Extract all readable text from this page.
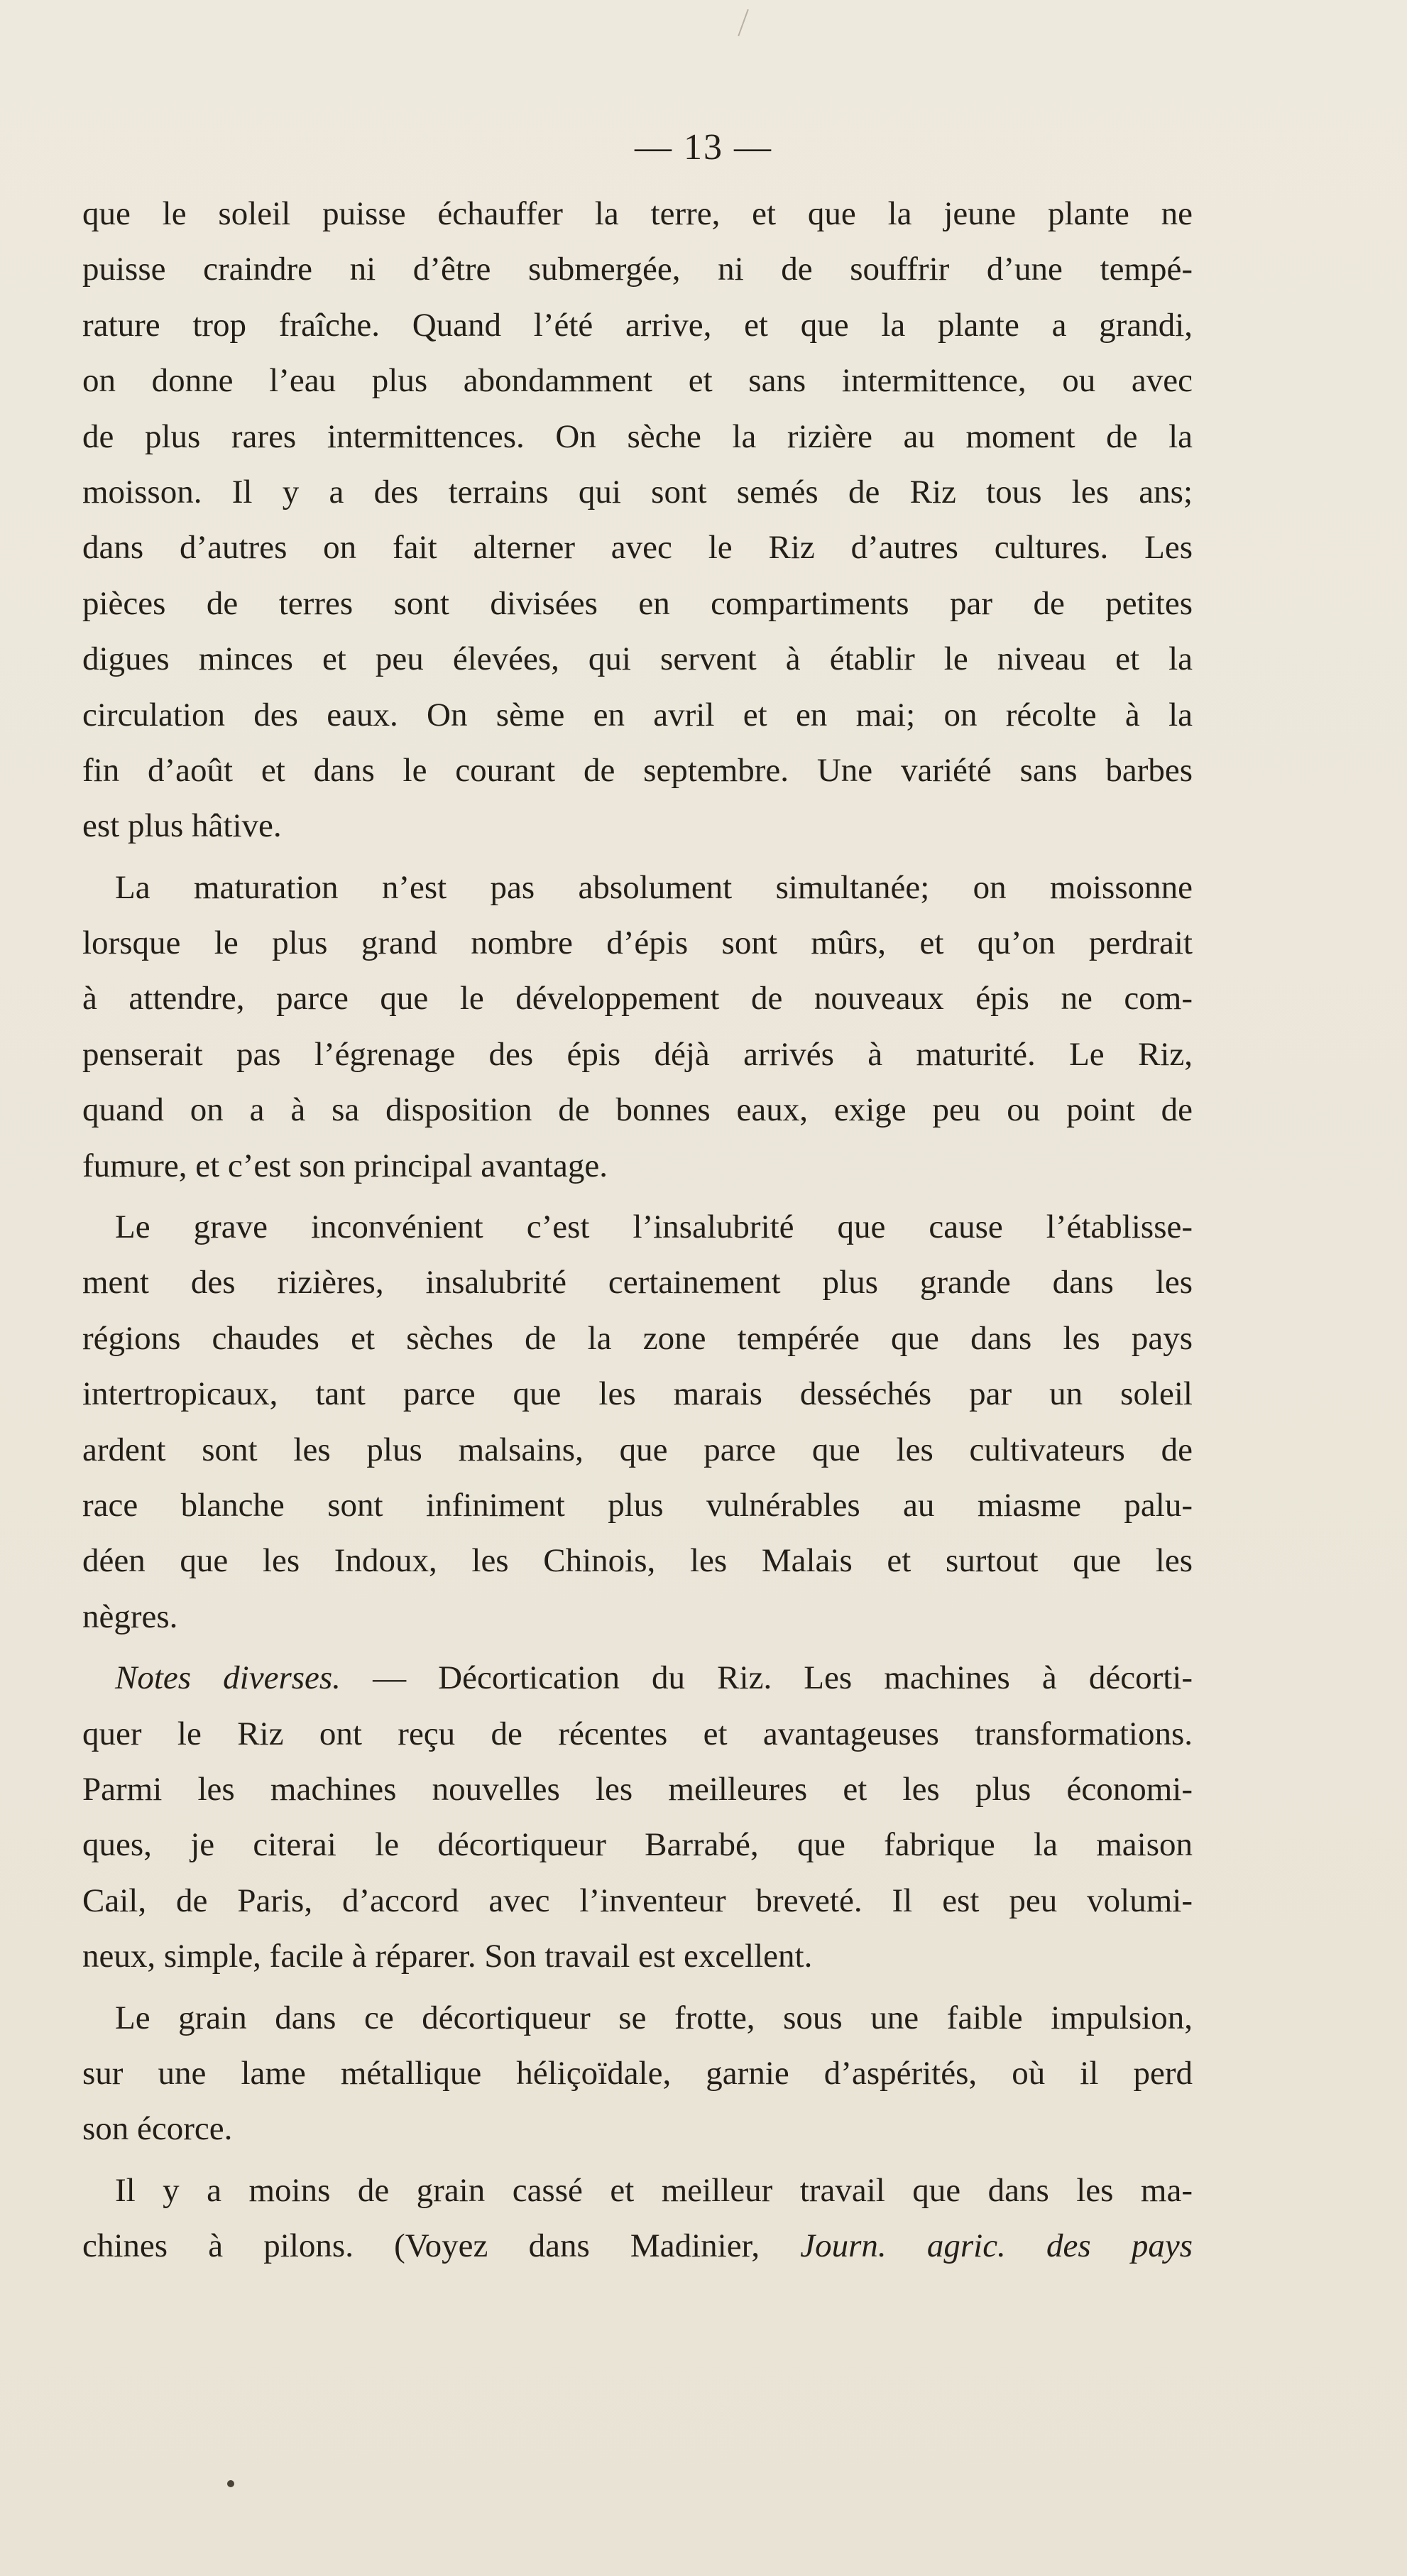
— 13 —
que le soleil puisse échauffer la terre, et que la jeune plante ne
puisse craindre ni d’être submergée, ni de souffrir d’une tempé-
rature trop fraîche. Quand l’été arrive, et que la plante a grandi,
on donne l’eau plus abondamment et sans intermittence, ou avec
de plus rares intermittences. On sèche la rizière au moment de la
moisson. Il y a des terrains qui sont semés de Riz tous les ans;
dans d’autres on fait alterner avec le Riz d’autres cultures. Les
pièces de terres sont divisées en compartiments par de petites
digues minces et peu élevées, qui servent à établir le niveau et la
circulation des eaux. On sème en avril et en mai; on récolte à la
fin d’août et dans le courant de septembre. Une variété sans barbes
est plus hâtive.
La maturation n’est pas absolument simultanée; on moissonne
lorsque le plus grand nombre d’épis sont mûrs, et qu’on perdrait
à attendre, parce que le développement de nouveaux épis ne com-
penserait pas l’égrenage des épis déjà arrivés à maturité. Le Riz,
quand on a à sa disposition de bonnes eaux, exige peu ou point de
fumure, et c’est son principal avantage.
Le grave inconvénient c’est l’insalubrité que cause l’établisse-
ment des rizières, insalubrité certainement plus grande dans les
régions chaudes et sèches de la zone tempérée que dans les pays
intertropicaux, tant parce que les marais desséchés par un soleil
ardent sont les plus malsains, que parce que les cultivateurs de
race blanche sont infiniment plus vulnérables au miasme palu-
déen que les Indoux, les Chinois, les Malais et surtout que les
nègres.
Notes diverses. — Décortication du Riz. Les machines à décorti-
quer le Riz ont reçu de récentes et avantageuses transformations.
Parmi les machines nouvelles les meilleures et les plus économi-
ques, je citerai le décortiqueur Barrabé, que fabrique la maison
Cail, de Paris, d’accord avec l’inventeur breveté. Il est peu volumi-
neux, simple, facile à réparer. Son travail est excellent.
Le grain dans ce décortiqueur se frotte, sous une faible impulsion,
sur une lame métallique héliçoïdale, garnie d’aspérités, où il perd
son écorce.
Il y a moins de grain cassé et meilleur travail que dans les ma-
chines à pilons. (Voyez dans Madinier, Journ. agric. des pays
